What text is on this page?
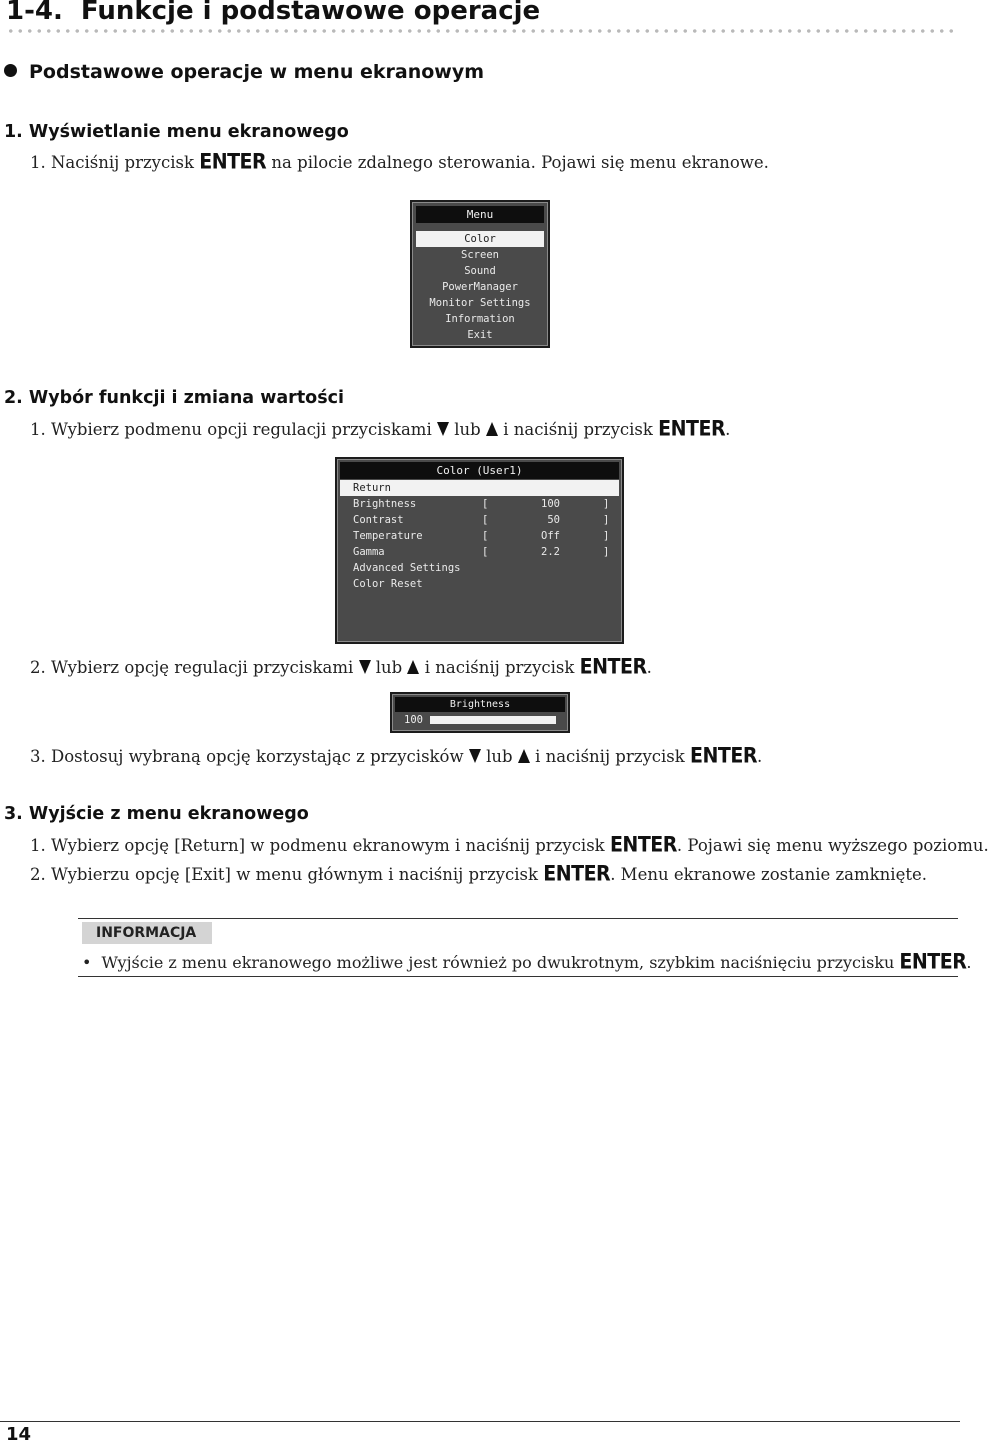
1-4. Funkcje i podstawowe operacje
Podstawowe operacje w menu ekranowym
1. Wyświetlanie menu ekranowego

1. Naciśnij przycisk ENTER na pilocie zdalnego sterowania. Pojawi się menu ekranowe.

Menu
Color
Screen
Sound
PowerManager
Monitor Settings
Information
Exit
2. Wybór funkcji i zmiana wartości

1. Wybierz podmenu opcji regulacji przyciskami lub i naciśnij przycisk ENTER.

Color (User1)
Return
Brightness	[	100	]
Contrast	[	50	]
Temperature	[	Off	]
Gamma	[	2.2	]
Advanced Settings
Color Reset

2. Wybierz opcję regulacji przyciskami lub i naciśnij przycisk ENTER.

Brightness
100

3. Dostosuj wybraną opcję korzystając z przycisków lub i naciśnij przycisk ENTER.

3. Wyjście z menu ekranowego

1. Wybierz opcję [Return] w podmenu ekranowym i naciśnij przycisk ENTER. Pojawi się menu wyższego poziomu.

2. Wybierzu opcję [Exit] w menu głównym i naciśnij przycisk ENTER. Menu ekranowe zostanie zamknięte.

INFORMACJA

• Wyjście z menu ekranowego możliwe jest również po dwukrotnym, szybkim naciśnięciu przycisku ENTER.

14
